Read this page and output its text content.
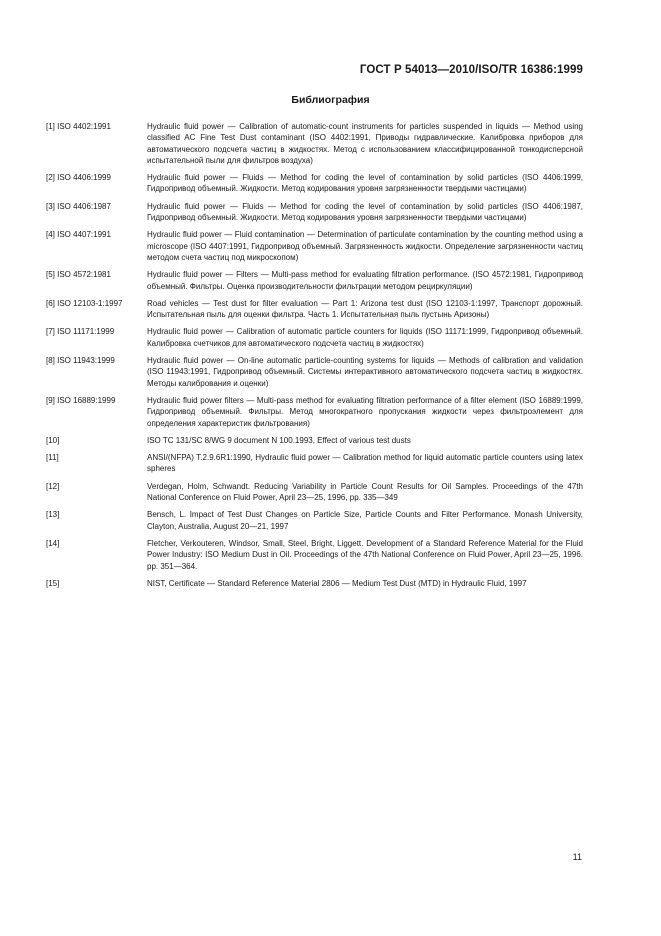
ГОСТ Р 54013—2010/ISO/TR 16386:1999
Библиография
[1] ISO 4402:1991	Hydraulic fluid power — Calibration of automatic-count instruments for particles suspended in liquids — Method using classified AC Fine Test Dust contaminant (ISO 4402:1991, Приводы гидравлические. Калибровка приборов для автоматического подсчета частиц в жидкостях. Метод с использованием классифицированной тонкодисперсной испытательной пыли для фильтров воздуха)
[2] ISO 4406:1999	Hydraulic fluid power — Fluids — Method for coding the level of contamination by solid particles (ISO 4406:1999, Гидропривод объемный. Жидкости. Метод кодирования уровня загрязненности твердыми частицами)
[3] ISO 4406:1987	Hydraulic fluid power — Fluids — Method for coding the level of contamination by solid particles (ISO 4406:1987, Гидропривод объемный. Жидкости. Метод кодирования уровня загрязненности твердыми частицами)
[4] ISO 4407:1991	Hydraulic fluid power — Fluid contamination — Determination of particulate contamination by the counting method using a microscope (ISO 4407:1991, Гидропривод объемный. Загрязненность жидкости. Определение загрязненности частиц методом счета частиц под микроскопом)
[5] ISO 4572:1981	Hydraulic fluid power — Filters — Multi-pass method for evaluating filtration performance. (ISO 4572:1981, Гидропривод объемный. Фильтры. Оценка производительности фильтрации методом рециркуляции)
[6] ISO 12103-1:1997	Road vehicles — Test dust for filter evaluation — Part 1: Arizona test dust (ISO 12103-1:1997, Транспорт дорожный. Испытательная пыль для оценки фильтра. Часть 1. Испытательная пыль пустынь Аризоны)
[7] ISO 11171:1999	Hydraulic fluid power — Calibration of automatic particle counters for liquids (ISO 11171:1999, Гидропривод объемный. Калибровка счетчиков для автоматического подсчета частиц в жидкостях)
[8] ISO 11943:1999	Hydraulic fluid power — On-line automatic particle-counting systems for liquids — Methods of calibration and validation (ISO 11943:1991, Гидропривод объемный. Системы интерактивного автоматического подсчета частиц в жидкостях. Методы калибрования и оценки)
[9] ISO 16889:1999	Hydraulic fluid power filters — Multi-pass method for evaluating filtration performance of a filter element (ISO 16889:1999, Гидропривод объемный. Фильтры. Метод многократного пропускания жидкости через фильтроэлемент для определения характеристик фильтрования)
[10]	ISO TC 131/SC 8/WG 9 document N 100.1993, Effect of various test dusts
[11]	ANSI/(NFPA) T.2.9.6R1:1990, Hydraulic fluid power — Calibration method for liquid automatic particle counters using latex spheres
[12]	Verdegan, Holm, Schwandt. Reducing Variability in Particle Count Results for Oil Samples. Proceedings of the 47th National Conference on Fluid Power, April 23—25, 1996, pp. 335—349
[13]	Bensch, L. Impact of Test Dust Changes on Particle Size, Particle Counts and Filter Performance. Monash University, Clayton, Australia, August 20—21, 1997
[14]	Fletcher, Verkouteren, Windsor, Small, Steel, Bright, Liggett. Development of a Standard Reference Material for the Fluid Power Industry: ISO Medium Dust in Oil. Proceedings of the 47th National Conference on Fluid Power, April 23—25, 1996. pp. 351—364.
[15]	NIST, Certificate — Standard Reference Material 2806 — Medium Test Dust (MTD) in Hydraulic Fluid, 1997
11
